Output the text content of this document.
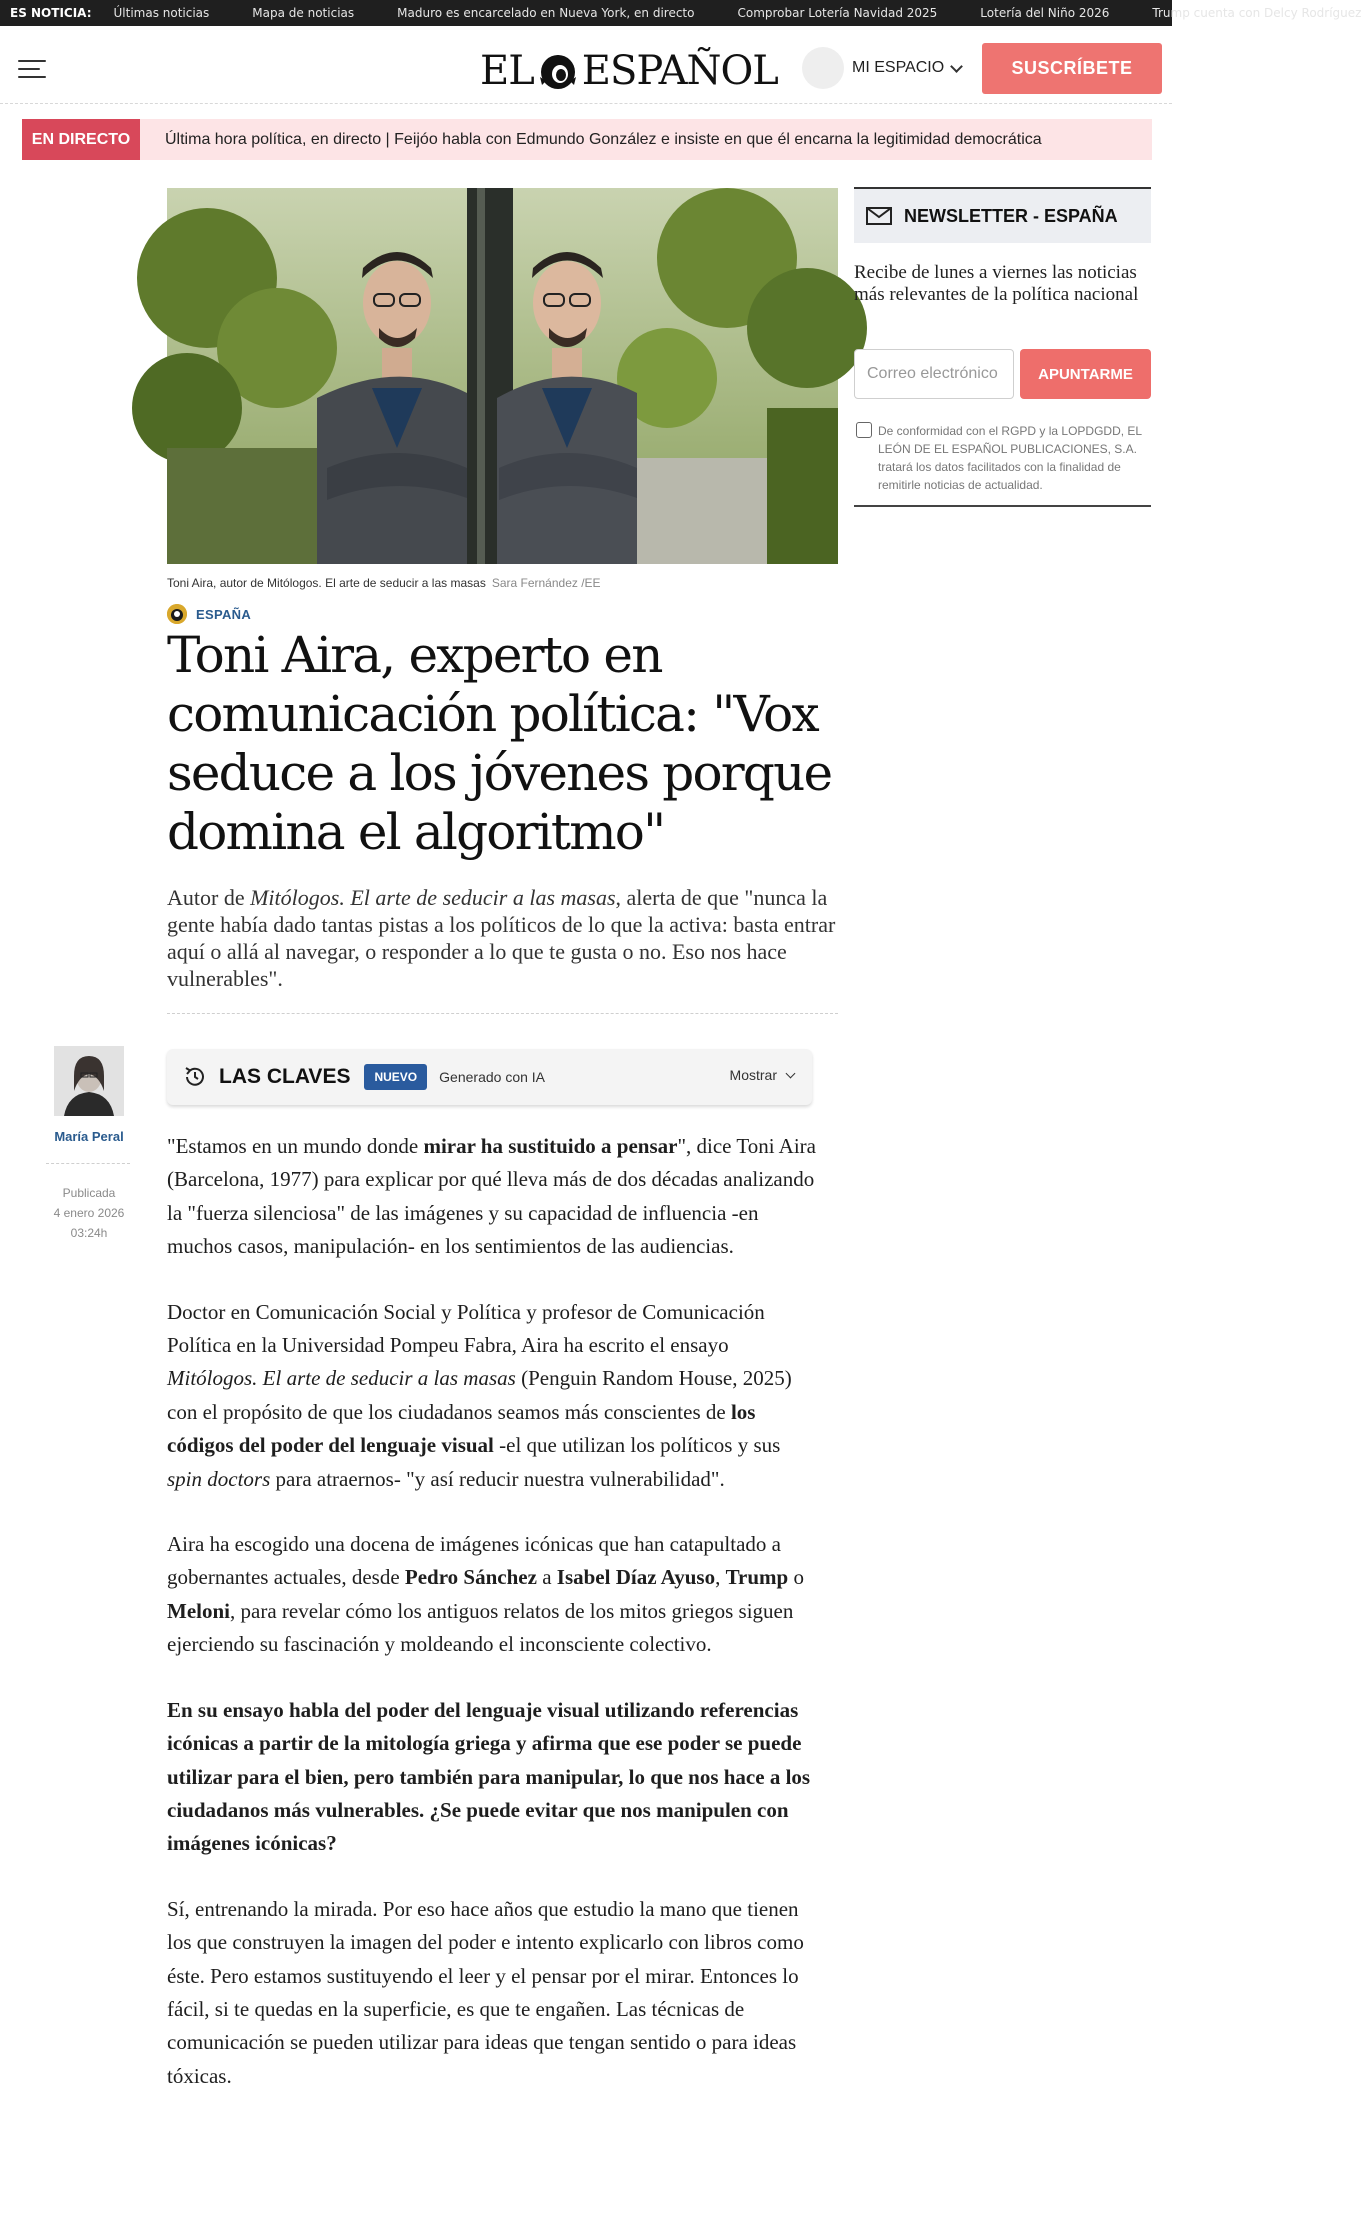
ES NOTICIA: Últimas noticias	Mapa de noticias	Maduro es encarcelado en Nueva York, en directo	Comprobar Lotería Navidad 2025	Lotería del Niño 2026	Trump cuenta con Delcy Rodríguez
EL ESPAÑOL	MI ESPACIO	SUSCRÍBETE
EN DIRECTO	Última hora política, en directo | Feijóo habla con Edmundo González e insiste en que él encarna la legitimidad democrática
Toni Aira, autor de Mitólogos. El arte de seducir a las masas Sara Fernández /EE
ESPAÑA
Toni Aira, experto en comunicación política: "Vox seduce a los jóvenes porque domina el algoritmo"

Autor de Mitólogos. El arte de seducir a las masas, alerta de que "nunca la gente había dado tantas pistas a los políticos de lo que la activa: basta entrar aquí o allá al navegar, o responder a lo que te gusta o no. Eso nos hace vulnerables".

María Peral
Publicada
4 enero 2026
03:24h
LAS CLAVES	NUEVO	Generado con IA	Mostrar

"Estamos en un mundo donde mirar ha sustituido a pensar", dice Toni Aira (Barcelona, 1977) para explicar por qué lleva más de dos décadas analizando la "fuerza silenciosa" de las imágenes y su capacidad de influencia -en muchos casos, manipulación- en los sentimientos de las audiencias.

Doctor en Comunicación Social y Política y profesor de Comunicación Política en la Universidad Pompeu Fabra, Aira ha escrito el ensayo Mitólogos. El arte de seducir a las masas (Penguin Random House, 2025) con el propósito de que los ciudadanos seamos más conscientes de los códigos del poder del lenguaje visual -el que utilizan los políticos y sus spin doctors para atraernos- "y así reducir nuestra vulnerabilidad".

Aira ha escogido una docena de imágenes icónicas que han catapultado a gobernantes actuales, desde Pedro Sánchez a Isabel Díaz Ayuso, Trump o Meloni, para revelar cómo los antiguos relatos de los mitos griegos siguen ejerciendo su fascinación y moldeando el inconsciente colectivo.

En su ensayo habla del poder del lenguaje visual utilizando referencias icónicas a partir de la mitología griega y afirma que ese poder se puede utilizar para el bien, pero también para manipular, lo que nos hace a los ciudadanos más vulnerables. ¿Se puede evitar que nos manipulen con imágenes icónicas?

Sí, entrenando la mirada. Por eso hace años que estudio la mano que tienen los que construyen la imagen del poder e intento explicarlo con libros como éste. Pero estamos sustituyendo el leer y el pensar por el mirar. Entonces lo fácil, si te quedas en la superficie, es que te engañen. Las técnicas de comunicación se pueden utilizar para ideas que tengan sentido o para ideas tóxicas.

NEWSLETTER - ESPAÑA

Recibe de lunes a viernes las noticias más relevantes de la política nacional

Correo electrónico
APUNTARME

De conformidad con el RGPD y la LOPDGDD, EL LEÓN DE EL ESPAÑOL PUBLICACIONES, S.A. tratará los datos facilitados con la finalidad de remitirle noticias de actualidad.
